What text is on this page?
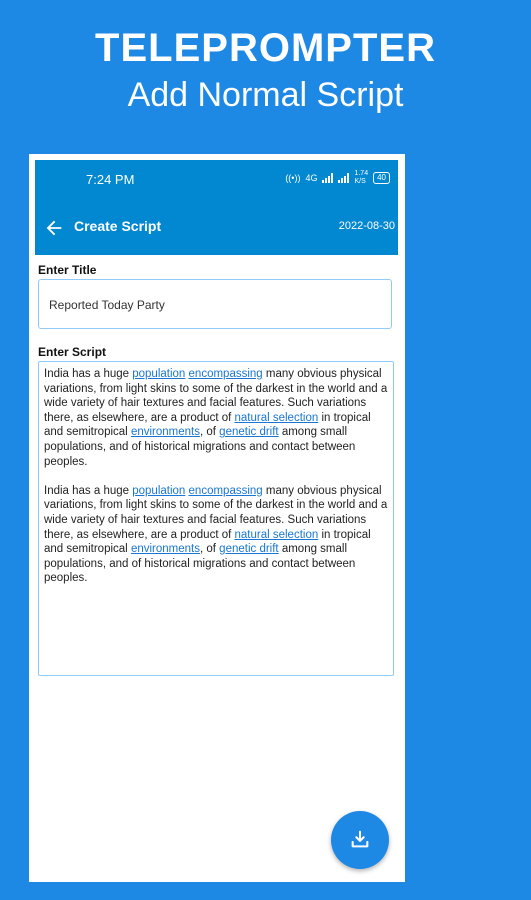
TELEPROMPTER
Add Normal Script
7:24 PM	((•)) 4G	1.74
K/S	40
Create Script	2022-08-30
Enter Title
Reported Today Party
Enter Script

India has a huge population encompassing many obvious physical variations, from light skins to some of the darkest in the world and a wide variety of hair textures and facial features. Such variations there, as elsewhere, are a product of natural selection in tropical and semitropical environments, of genetic drift among small populations, and of historical migrations and contact between peoples.

India has a huge population encompassing many obvious physical variations, from light skins to some of the darkest in the world and a wide variety of hair textures and facial features. Such variations there, as elsewhere, are a product of natural selection in tropical and semitropical environments, of genetic drift among small populations, and of historical migrations and contact between peoples.
